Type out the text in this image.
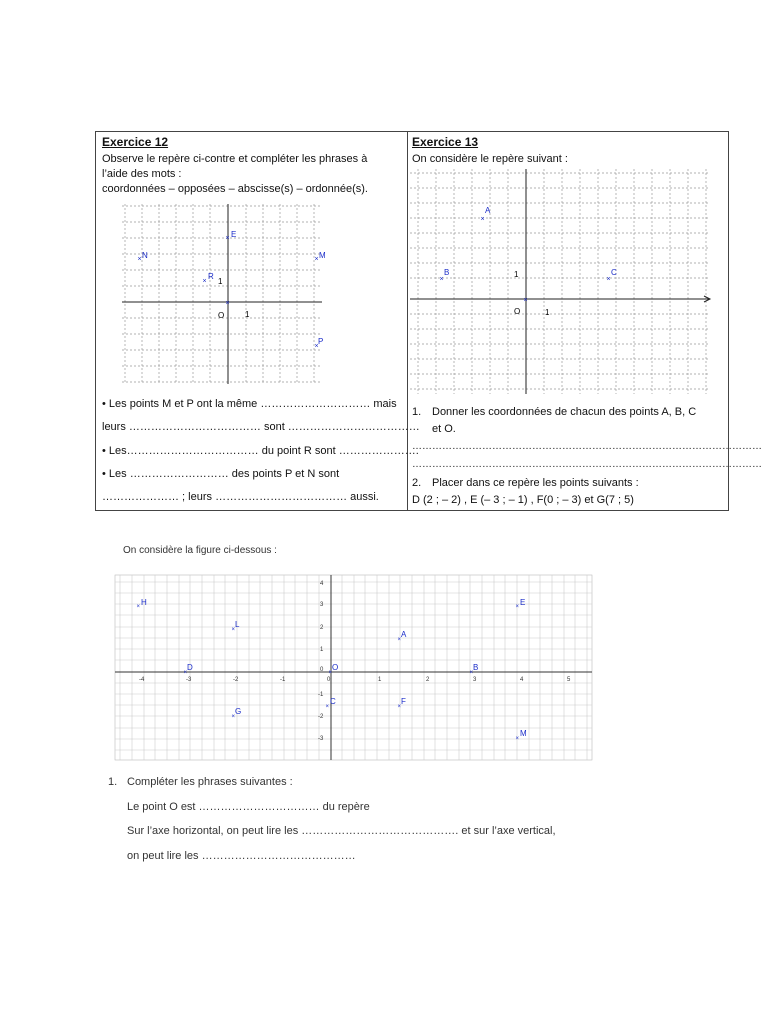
Exercice 12
Observe le repère ci-contre et compléter les phrases à
l’aide des mots :
coordonnées – opposées – abscisse(s) – ordonnée(s).
O	1
1
×
×	×
×
×
×
E
N	M
R
P
• Les points M et P ont la même ………………………… mais
leurs ……………………………… sont ………………………………
• Les……………………………… du point R sont ………………….
• Les ……………………… des points P et N sont
………………… ; leurs ……………………………… aussi.
Exercice 13
On considère le repère suivant :
O	1
1
×
×	×
×
A
B	C
1. Donner les coordonnées de chacun des points A, B, C
et O.
……………………………………………………………………………………………
……………………………………………………………………………………………
2. Placer dans ce repère les points suivants :
D (2 ; – 2) , E (– 3 ; – 1) , F(0 ; – 3) et G(7 ; 5)
On considère la figure ci-dessous :
-4	-3	-2	-1	0	1	2	3	4	5
4
3
2
1
0
-1
-2
-3
×	×
×
×
×	×	×
×	×
×
×
H	E
L
A
D	O	B
C	F
G
M
1. Compléter les phrases suivantes :
Le point O est …………………………… du repère
Sur l’axe horizontal, on peut lire les ……………………………………. et sur l’axe vertical,
on peut lire les ……………………………………
